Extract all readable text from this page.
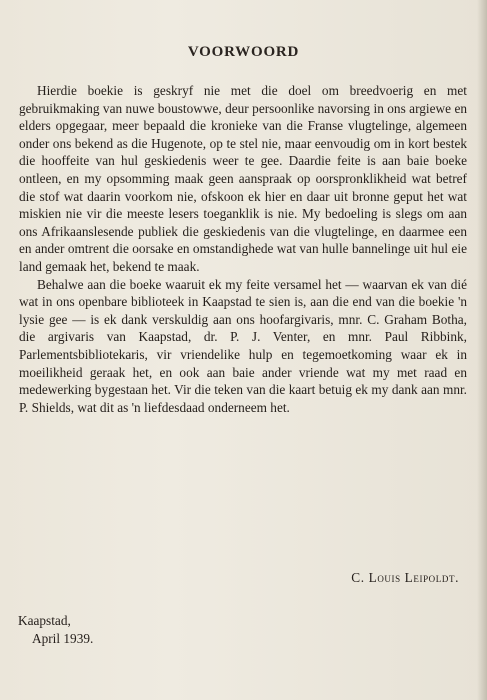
VOORWOORD

Hierdie boekie is geskryf nie met die doel om breedvoerig en met gebruikmaking van nuwe boustowwe, deur persoonlike navorsing in ons argiewe en elders opgegaar, meer bepaald die kronieke van die Franse vlugtelinge, algemeen onder ons bekend as die Hugenote, op te stel nie, maar eenvoudig om in kort bestek die hooffeite van hul geskiedenis weer te gee. Daardie feite is aan baie boeke ontleen, en my opsomming maak geen aanspraak op oorspronklikheid wat betref die stof wat daarin voorkom nie, ofskoon ek hier en daar uit bronne geput het wat miskien nie vir die meeste lesers toeganklik is nie. My bedoeling is slegs om aan ons Afrikaanslesende publiek die geskiedenis van die vlugtelinge, en daarmee een en ander omtrent die oorsake en omstandighede wat van hulle bannelinge uit hul eie land gemaak het, bekend te maak.

Behalwe aan die boeke waaruit ek my feite versamel het — waarvan ek van dié wat in ons openbare biblioteek in Kaapstad te sien is, aan die end van die boekie 'n lysie gee — is ek dank verskuldig aan ons hoofargivaris, mnr. C. Graham Botha, die argivaris van Kaapstad, dr. P. J. Venter, en mnr. Paul Ribbink, Parlementsbibliotekaris, vir vriendelike hulp en tegemoetkoming waar ek in moeilikheid geraak het, en ook aan baie ander vriende wat my met raad en medewerking bygestaan het. Vir die teken van die kaart betuig ek my dank aan mnr. P. Shields, wat dit as 'n liefdesdaad onderneem het.

C. Louis Leipoldt.
Kaapstad,
April 1939.
